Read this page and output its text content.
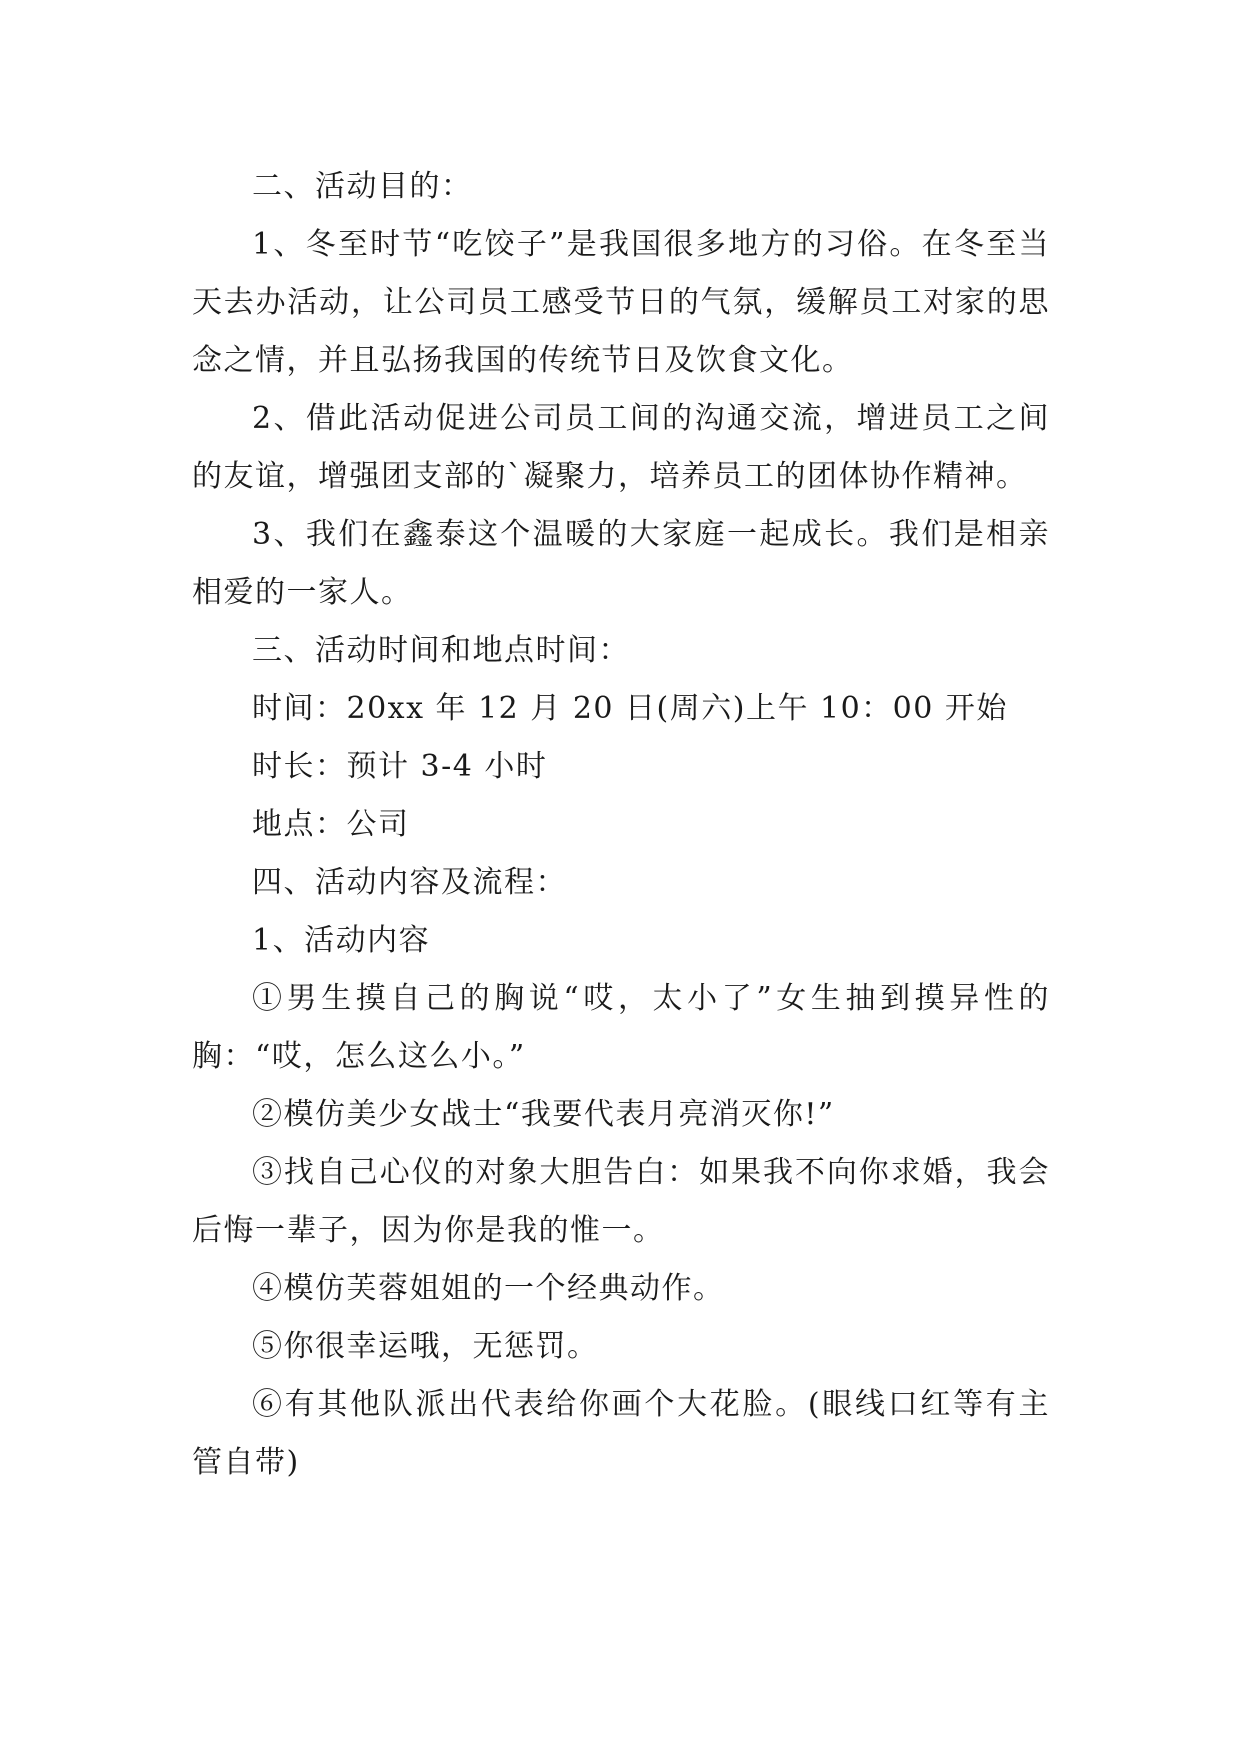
二、活动目的：

1、冬至时节“吃饺子”是我国很多地方的习俗。在冬至当天去办活动，让公司员工感受节日的气氛，缓解员工对家的思念之情，并且弘扬我国的传统节日及饮食文化。

2、借此活动促进公司员工间的沟通交流，增进员工之间的友谊，增强团支部的`凝聚力，培养员工的团体协作精神。

3、我们在鑫泰这个温暖的大家庭一起成长。我们是相亲相爱的一家人。

三、活动时间和地点时间：

时间：20xx 年 12 月 20 日(周六)上午 10：00 开始

时长：预计 3-4 小时

地点：公司

四、活动内容及流程：

1、活动内容

①男生摸自己的胸说“哎，太小了”女生抽到摸异性的胸：“哎，怎么这么小。”

②模仿美少女战士“我要代表月亮消灭你!”

③找自己心仪的对象大胆告白：如果我不向你求婚，我会后悔一辈子，因为你是我的惟一。

④模仿芙蓉姐姐的一个经典动作。

⑤你很幸运哦，无惩罚。

⑥有其他队派出代表给你画个大花脸。(眼线口红等有主管自带)
